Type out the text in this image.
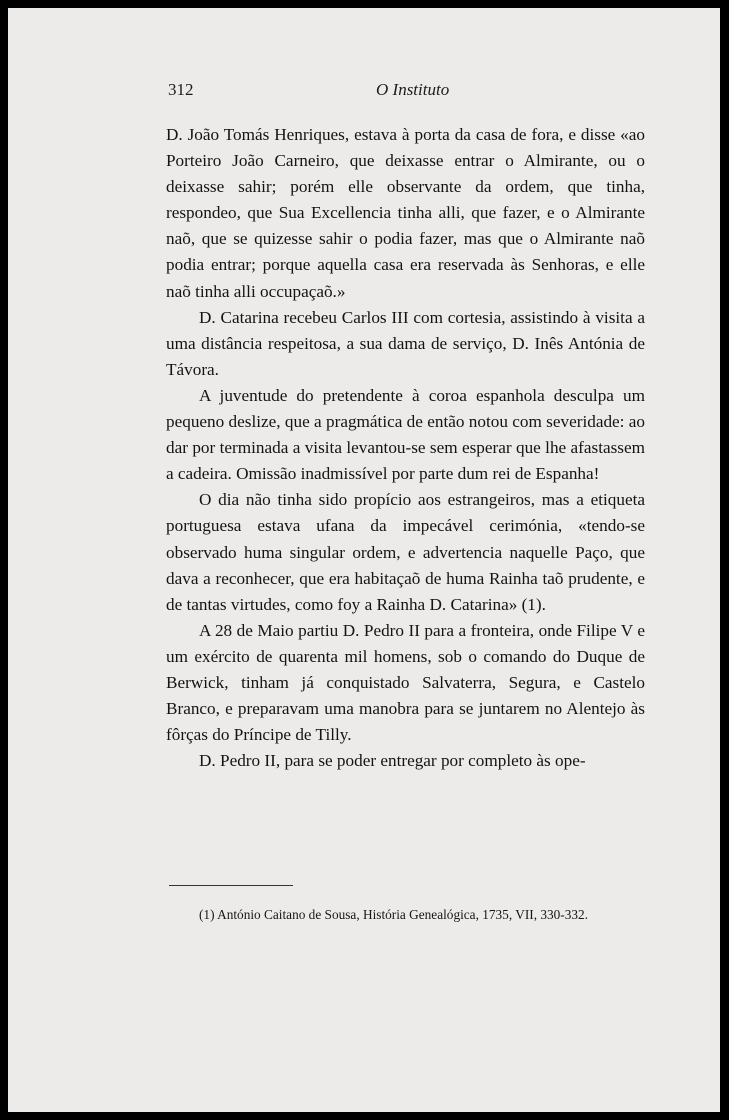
312	O Instituto

D. João Tomás Henriques, estava à porta da casa de fora, e disse «ao Porteiro João Carneiro, que deixasse entrar o Almirante, ou o deixasse sahir; porém elle observante da ordem, que tinha, respondeo, que Sua Excellencia tinha alli, que fazer, e o Almirante naõ, que se quizesse sahir o podia fazer, mas que o Almirante naõ podia entrar; porque aquella casa era reservada às Senhoras, e elle naõ tinha alli occupaçaõ.»

D. Catarina recebeu Carlos III com cortesia, assistindo à visita a uma distância respeitosa, a sua dama de serviço, D. Inês Antónia de Távora.

A juventude do pretendente à coroa espanhola desculpa um pequeno deslize, que a pragmática de então notou com severidade: ao dar por terminada a visita levantou-se sem esperar que lhe afastassem a cadeira. Omissão inadmissível por parte dum rei de Espanha!

O dia não tinha sido propício aos estrangeiros, mas a etiqueta portuguesa estava ufana da impecável cerimónia, «tendo-se observado huma singular ordem, e advertencia naquelle Paço, que dava a reconhecer, que era habitaçaõ de huma Rainha taõ prudente, e de tantas virtudes, como foy a Rainha D. Catarina» (1).

A 28 de Maio partiu D. Pedro II para a fronteira, onde Filipe V e um exército de quarenta mil homens, sob o comando do Duque de Berwick, tinham já conquistado Salvaterra, Segura, e Castelo Branco, e preparavam uma manobra para se juntarem no Alentejo às fôrças do Príncipe de Tilly.

D. Pedro II, para se poder entregar por completo às ope-

(1) António Caitano de Sousa, História Genealógica, 1735, VII, 330-332.
